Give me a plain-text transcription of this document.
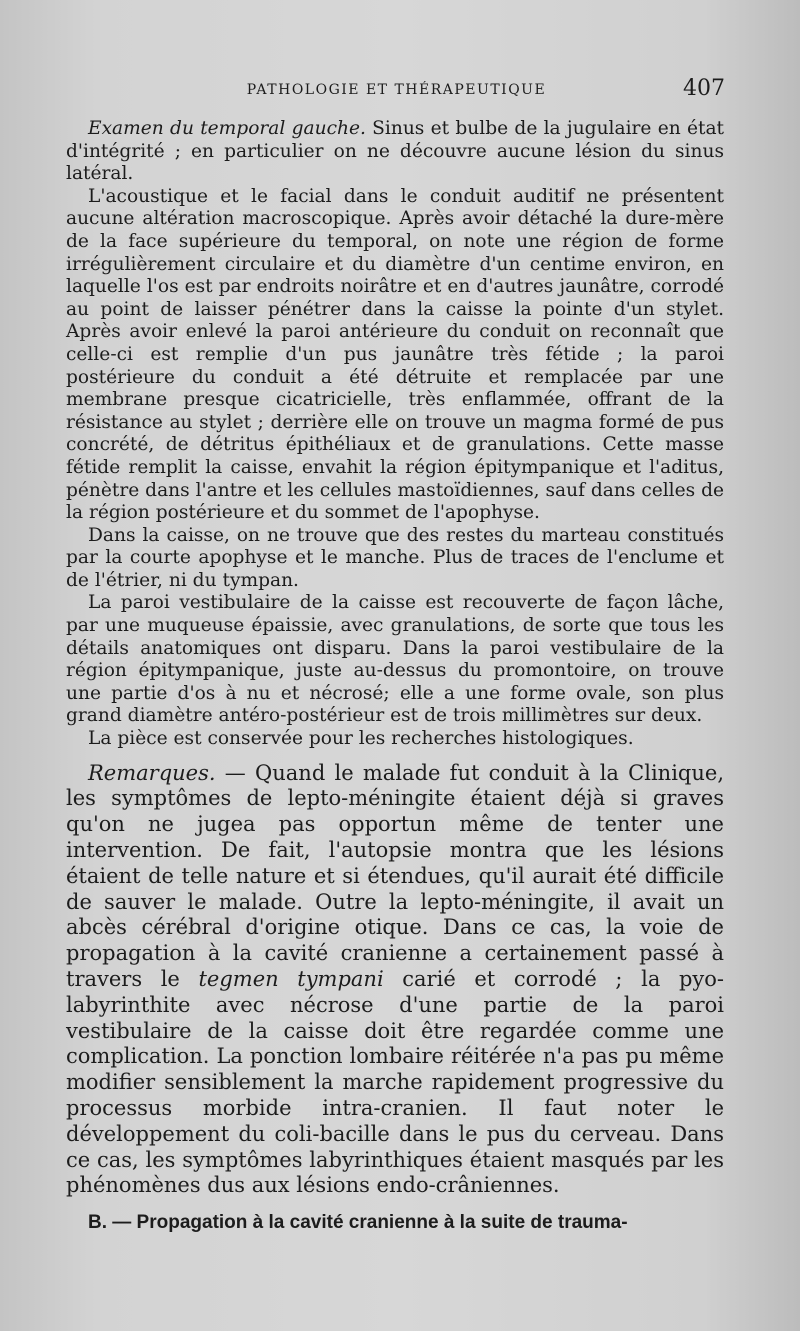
PATHOLOGIE ET THÉRAPEUTIQUE	407

Examen du temporal gauche. Sinus et bulbe de la jugulaire en état d'intégrité ; en particulier on ne découvre aucune lésion du sinus latéral.

L'acoustique et le facial dans le conduit auditif ne présentent aucune altération macroscopique. Après avoir détaché la dure-mère de la face supérieure du temporal, on note une région de forme irrégulièrement circulaire et du diamètre d'un centime environ, en laquelle l'os est par endroits noirâtre et en d'autres jaunâtre, corrodé au point de laisser pénétrer dans la caisse la pointe d'un stylet. Après avoir enlevé la paroi antérieure du conduit on reconnaît que celle-ci est remplie d'un pus jaunâtre très fétide ; la paroi postérieure du conduit a été détruite et remplacée par une membrane presque cicatricielle, très enflammée, offrant de la résistance au stylet ; derrière elle on trouve un magma formé de pus concrété, de détritus épithéliaux et de granulations. Cette masse fétide remplit la caisse, envahit la région épitympanique et l'aditus, pénètre dans l'antre et les cellules mastoïdiennes, sauf dans celles de la région postérieure et du sommet de l'apophyse.

Dans la caisse, on ne trouve que des restes du marteau constitués par la courte apophyse et le manche. Plus de traces de l'enclume et de l'étrier, ni du tympan.

La paroi vestibulaire de la caisse est recouverte de façon lâche, par une muqueuse épaissie, avec granulations, de sorte que tous les détails anatomiques ont disparu. Dans la paroi vestibulaire de la région épitympanique, juste au-dessus du promontoire, on trouve une partie d'os à nu et nécrosé; elle a une forme ovale, son plus grand diamètre antéro-postérieur est de trois millimètres sur deux.

La pièce est conservée pour les recherches histologiques.

Remarques. — Quand le malade fut conduit à la Clinique, les symptômes de lepto-méningite étaient déjà si graves qu'on ne jugea pas opportun même de tenter une intervention. De fait, l'autopsie montra que les lésions étaient de telle nature et si étendues, qu'il aurait été difficile de sauver le malade. Outre la lepto-méningite, il avait un abcès cérébral d'origine otique. Dans ce cas, la voie de propagation à la cavité cranienne a certainement passé à travers le tegmen tympani carié et corrodé ; la pyo-labyrinthite avec nécrose d'une partie de la paroi vestibulaire de la caisse doit être regardée comme une complication. La ponction lombaire réitérée n'a pas pu même modifier sensiblement la marche rapidement progressive du processus morbide intra-cranien. Il faut noter le développement du coli-bacille dans le pus du cerveau. Dans ce cas, les symptômes labyrinthiques étaient masqués par les phénomènes dus aux lésions endo-crâniennes.

B. — Propagation à la cavité cranienne à la suite de trauma-
